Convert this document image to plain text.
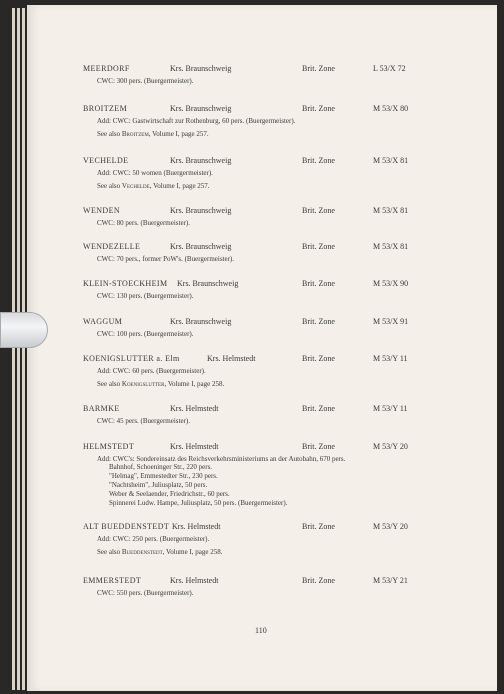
110
MEERDORF	Krs. Braunschweig	Brit. Zone	L 53/X 72
CWC: 300 pers. (Buergermeister).
BROITZEM	Krs. Braunschweig	Brit. Zone	M 53/X 80
Add: CWC: Gastwirtschaft zur Rothenburg, 60 pers. (Buergermeister).
See also Broitzem, Volume I, page 257.
VECHELDE	Krs. Braunschweig	Brit. Zone	M 53/X 81
Add: CWC: 50 women (Buergermeister).
See also Vechelde, Volume I, page 257.
WENDEN	Krs. Braunschweig	Brit. Zone	M 53/X 81
CWC: 80 pers. (Buergermeister).
WENDEZELLE	Krs. Braunschweig	Brit. Zone	M 53/X 81
CWC: 70 pers., former PoW's. (Buergermeister).
KLEIN-STOECKHEIM Krs. Braunschweig	Brit. Zone	M 53/X 90
CWC: 130 pers. (Buergermeister).
WAGGUM	Krs. Braunschweig	Brit. Zone	M 53/X 91
CWC: 100 pers. (Buergermeister).
KOENIGSLUTTER a. Elm	Krs. Helmstedt	Brit. Zone	M 53/Y 11
Add: CWC: 60 pers. (Buergermeister).
See also Koenigslutter, Volume I, page 258.
BARMKE	Krs. Helmstedt	Brit. Zone	M 53/Y 11
CWC: 45 pers. (Buergermeister).
HELMSTEDT	Krs. Helmstedt	Brit. Zone	M 53/Y 20
Add: CWC's: Sondereinsatz des Reichsverkehrsministeriums an der Autobahn, 670 pers.
Bahnhof, Schoeninger Str., 220 pers.
"Helmag", Emmestedter Str., 230 pers.
"Nachtsheim", Juliusplatz, 50 pers.
Weber & Seelaender, Friedrichstr., 60 pers.
Spinnerei Ludw. Hampe, Juliusplatz, 50 pers. (Buergermeister).
ALT BUEDDENSTEDT Krs. Helmstedt	Brit. Zone	M 53/Y 20
Add: CWC: 250 pers. (Buergermeister).
See also Bueddenstedt, Volume I, page 258.
EMMERSTEDT	Krs. Helmstedt	Brit. Zone	M 53/Y 21
CWC: 550 pers. (Buergermeister).
